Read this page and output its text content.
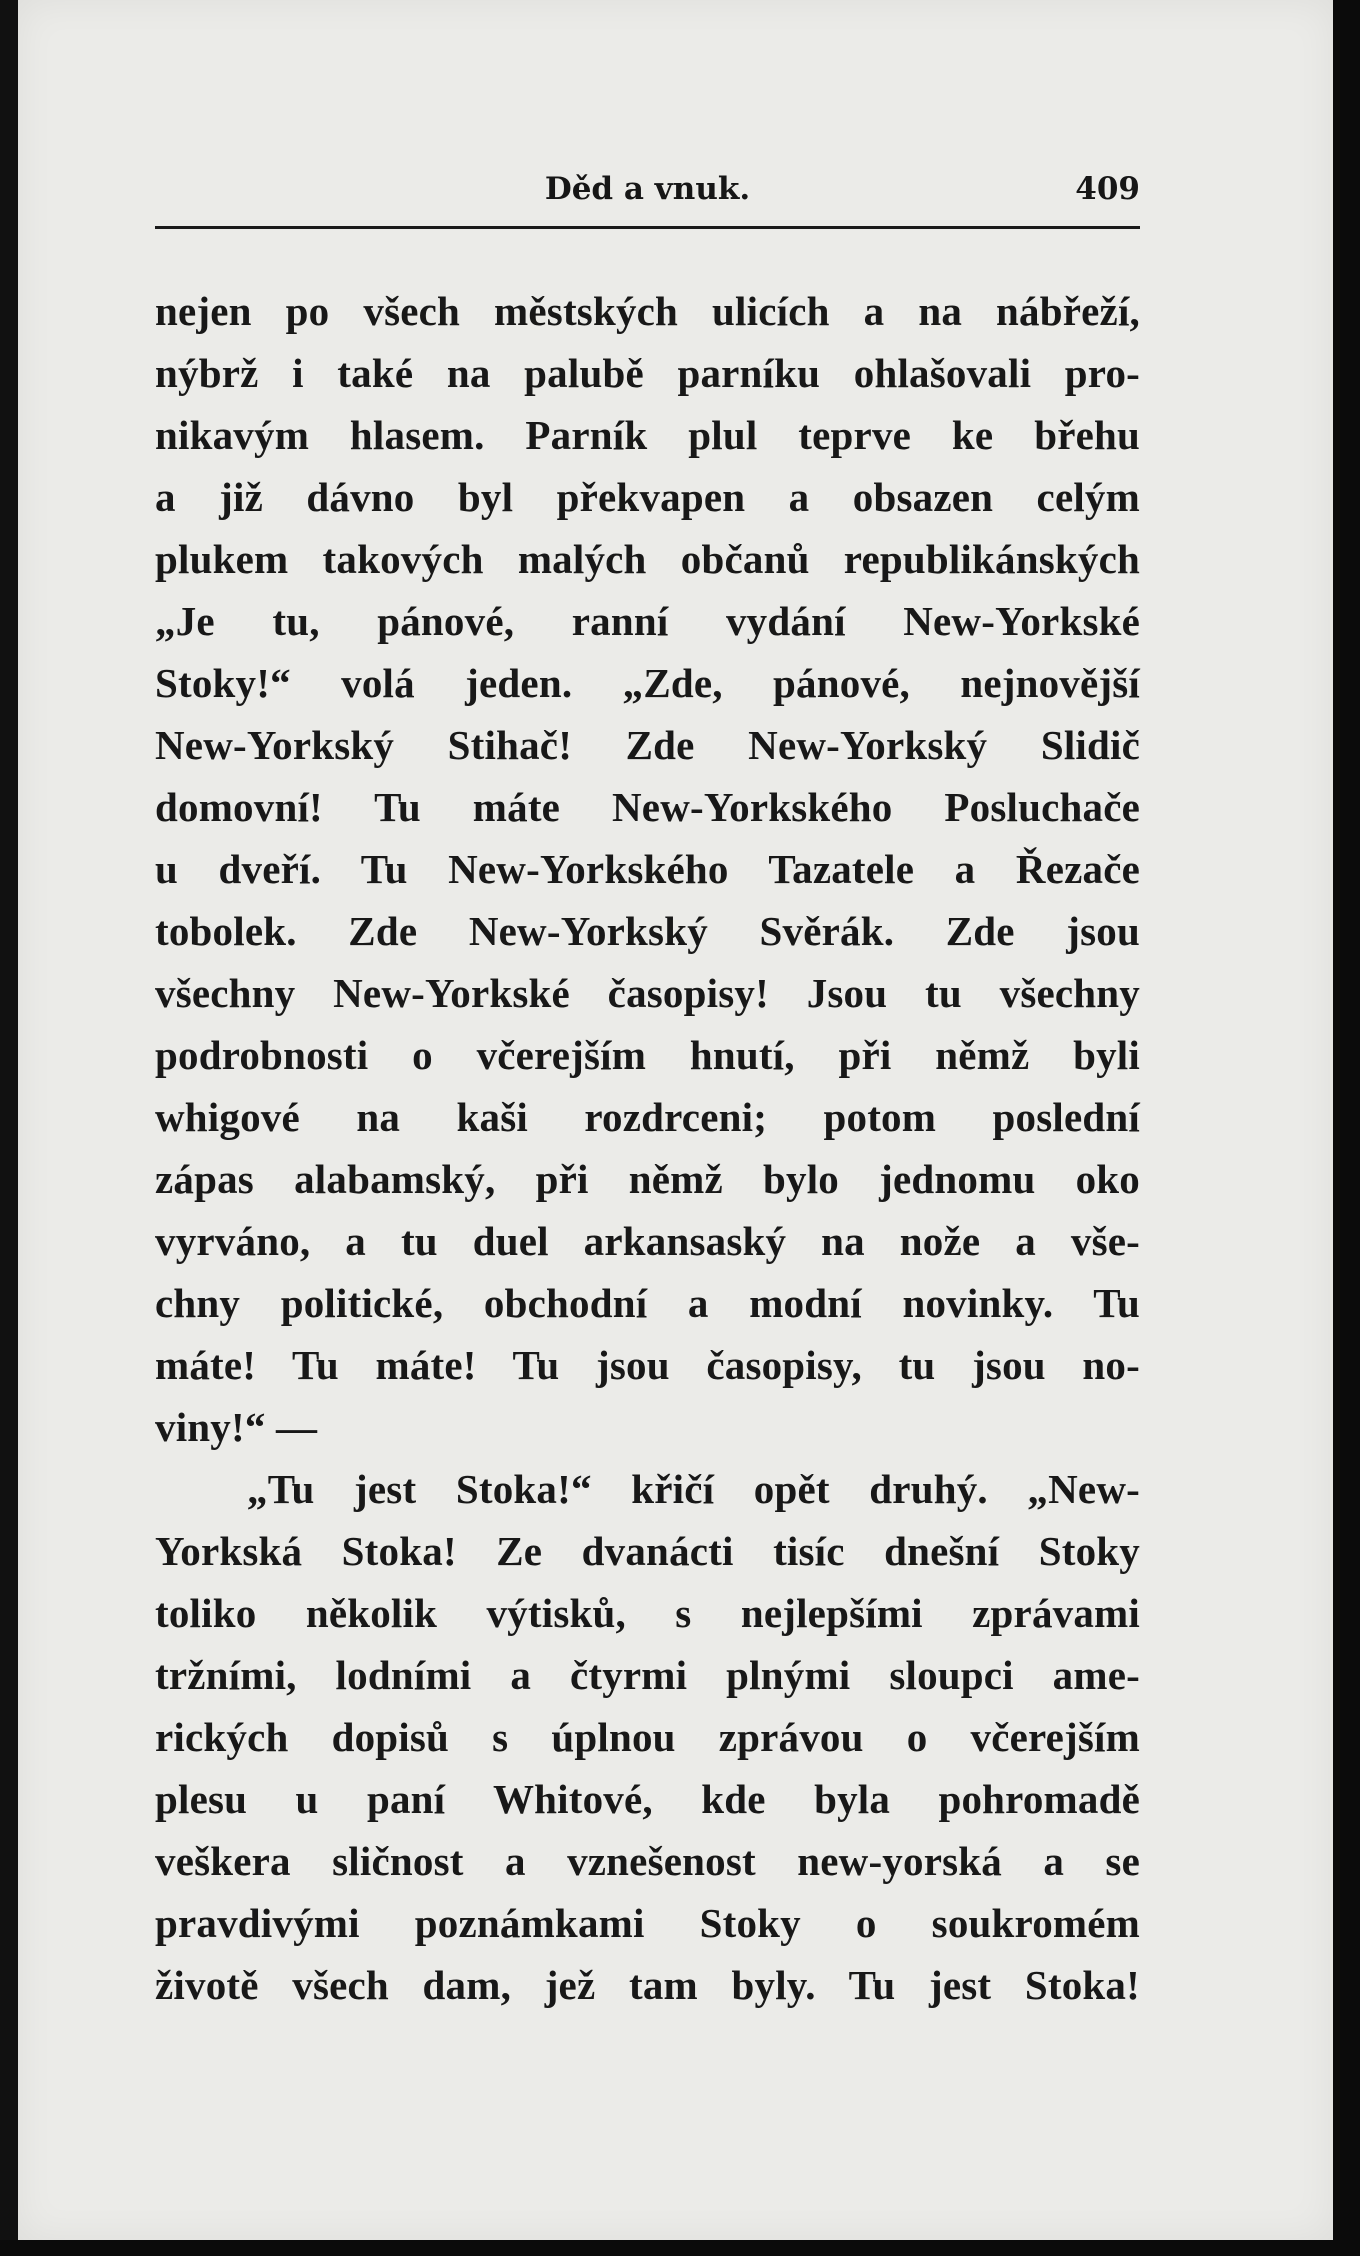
Děd a vnuk.	409
nejen po všech městských ulicích a na nábřeží,
nýbrž i také na palubě parníku ohlašovali pro-
nikavým hlasem. Parník plul teprve ke břehu
a již dávno byl překvapen a obsazen celým
plukem takových malých občanů republikánských
„Je tu, pánové, ranní vydání New-Yorkské
Stoky!“ volá jeden. „Zde, pánové, nejnovější
New-Yorkský Stihač! Zde New-Yorkský Slidič
domovní! Tu máte New-Yorkského Posluchače
u dveří. Tu New-Yorkského Tazatele a Řezače
tobolek. Zde New-Yorkský Svěrák. Zde jsou
všechny New-Yorkské časopisy! Jsou tu všechny
podrobnosti o včerejším hnutí, při němž byli
whigové na kaši rozdrceni; potom poslední
zápas alabamský, při němž bylo jednomu oko
vyrváno, a tu duel arkansaský na nože a vše-
chny politické, obchodní a modní novinky. Tu
máte! Tu máte! Tu jsou časopisy, tu jsou no-
viny!“ —
„Tu jest Stoka!“ křičí opět druhý. „New-
Yorkská Stoka! Ze dvanácti tisíc dnešní Stoky
toliko několik výtisků, s nejlepšími zprávami
tržními, lodními a čtyrmi plnými sloupci ame-
rických dopisů s úplnou zprávou o včerejším
plesu u paní Whitové, kde byla pohromadě
veškera sličnost a vznešenost new-yorská a se
pravdivými poznámkami Stoky o soukromém
životě všech dam, jež tam byly. Tu jest Stoka!
